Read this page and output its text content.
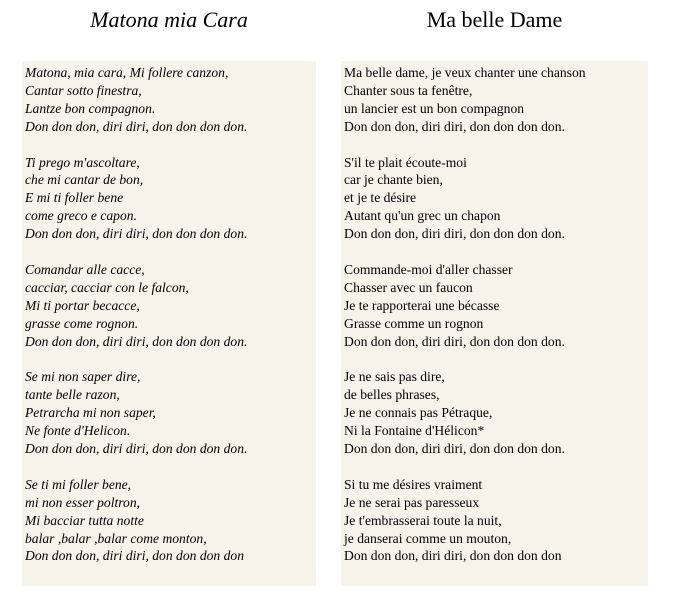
Matona mia Cara	Ma belle Dame
Matona, mia cara, Mi follere canzon,
Cantar sotto finestra,
Lantze bon compagnon.
Don don don, diri diri, don don don don.
Ti prego m'ascoltare,
che mi cantar de bon,
E mi ti foller bene
come greco e capon.
Don don don, diri diri, don don don don.
Comandar alle cacce,
cacciar, cacciar con le falcon,
Mi ti portar becacce,
grasse come rognon.
Don don don, diri diri, don don don don.
Se mi non saper dire,
tante belle razon,
Petrarcha mi non saper,
Ne fonte d'Helicon.
Don don don, diri diri, don don don don.
Se ti mi foller bene,
mi non esser poltron,
Mi bacciar tutta notte
balar ,balar ,balar come monton,
Don don don, diri diri, don don don don
Ma belle dame, je veux chanter une chanson
Chanter sous ta fenêtre,
un lancier est un bon compagnon
Don don don, diri diri, don don don don.
S'il te plait écoute-moi
car je chante bien,
et je te désire
Autant qu'un grec un chapon
Don don don, diri diri, don don don don.
Commande-moi d'aller chasser
Chasser avec un faucon
Je te rapporterai une bécasse
Grasse comme un rognon
Don don don, diri diri, don don don don.
Je ne sais pas dire,
de belles phrases,
Je ne connais pas Pétraque,
Ni la Fontaine d'Hélicon*
Don don don, diri diri, don don don don.
Si tu me désires vraiment
Je ne serai pas paresseux
Je t'embrasserai toute la nuit,
je danserai comme un mouton,
Don don don, diri diri, don don don don
